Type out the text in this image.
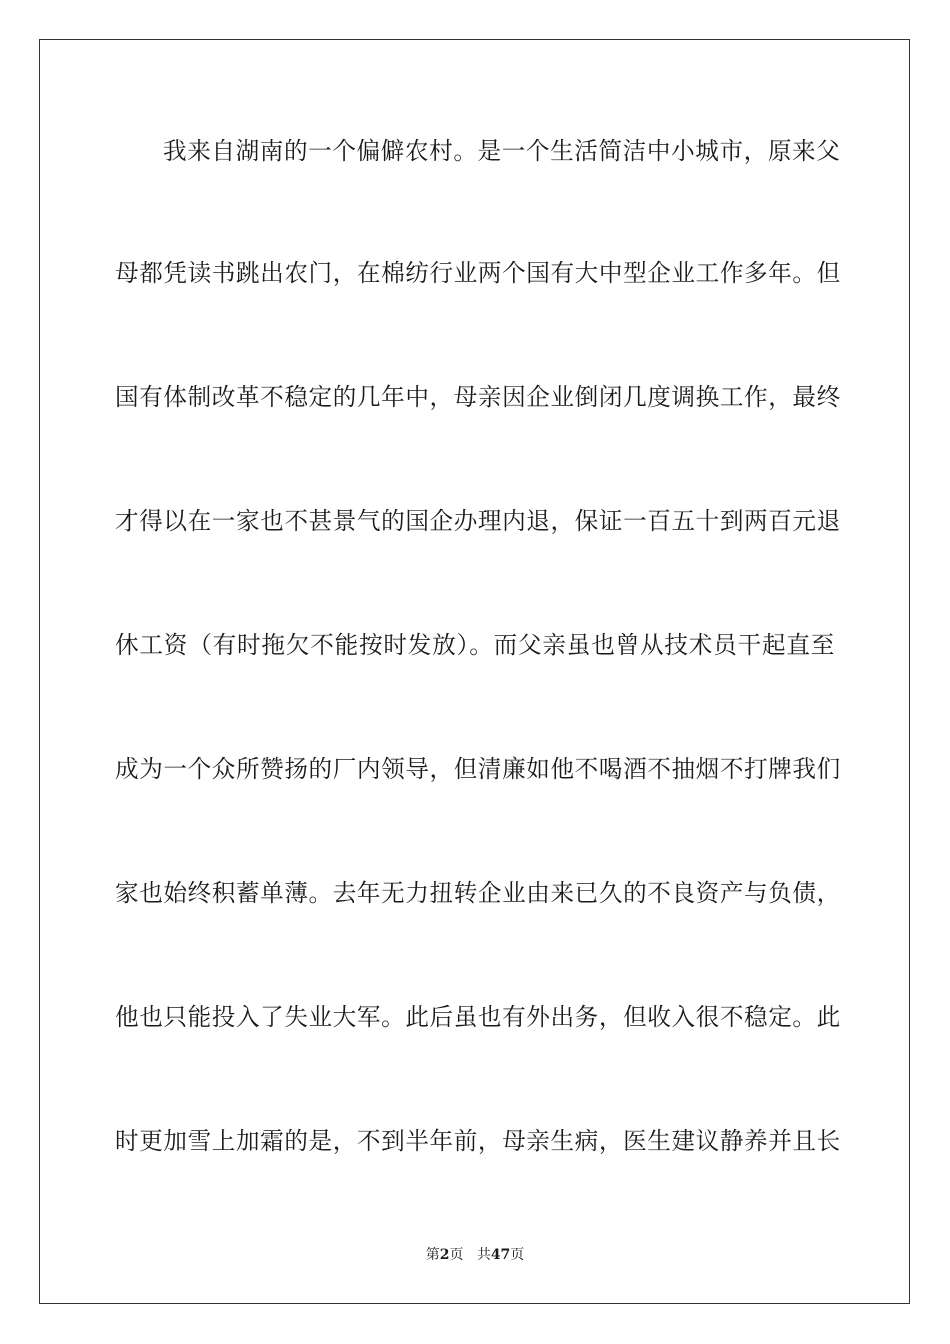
我来自湖南的一个偏僻农村。是一个生活简洁中小城市，原来父
母都凭读书跳出农门，在棉纺行业两个国有大中型企业工作多年。但
国有体制改革不稳定的几年中，母亲因企业倒闭几度调换工作，最终
才得以在一家也不甚景气的国企办理内退，保证一百五十到两百元退
休工资（有时拖欠不能按时发放）。而父亲虽也曾从技术员干起直至
成为一个众所赞扬的厂内领导，但清廉如他不喝酒不抽烟不打牌我们
家也始终积蓄单薄。去年无力扭转企业由来已久的不良资产与负债，
他也只能投入了失业大军。此后虽也有外出务，但收入很不稳定。此
时更加雪上加霜的是，不到半年前，母亲生病，医生建议静养并且长
第2页 共47页
